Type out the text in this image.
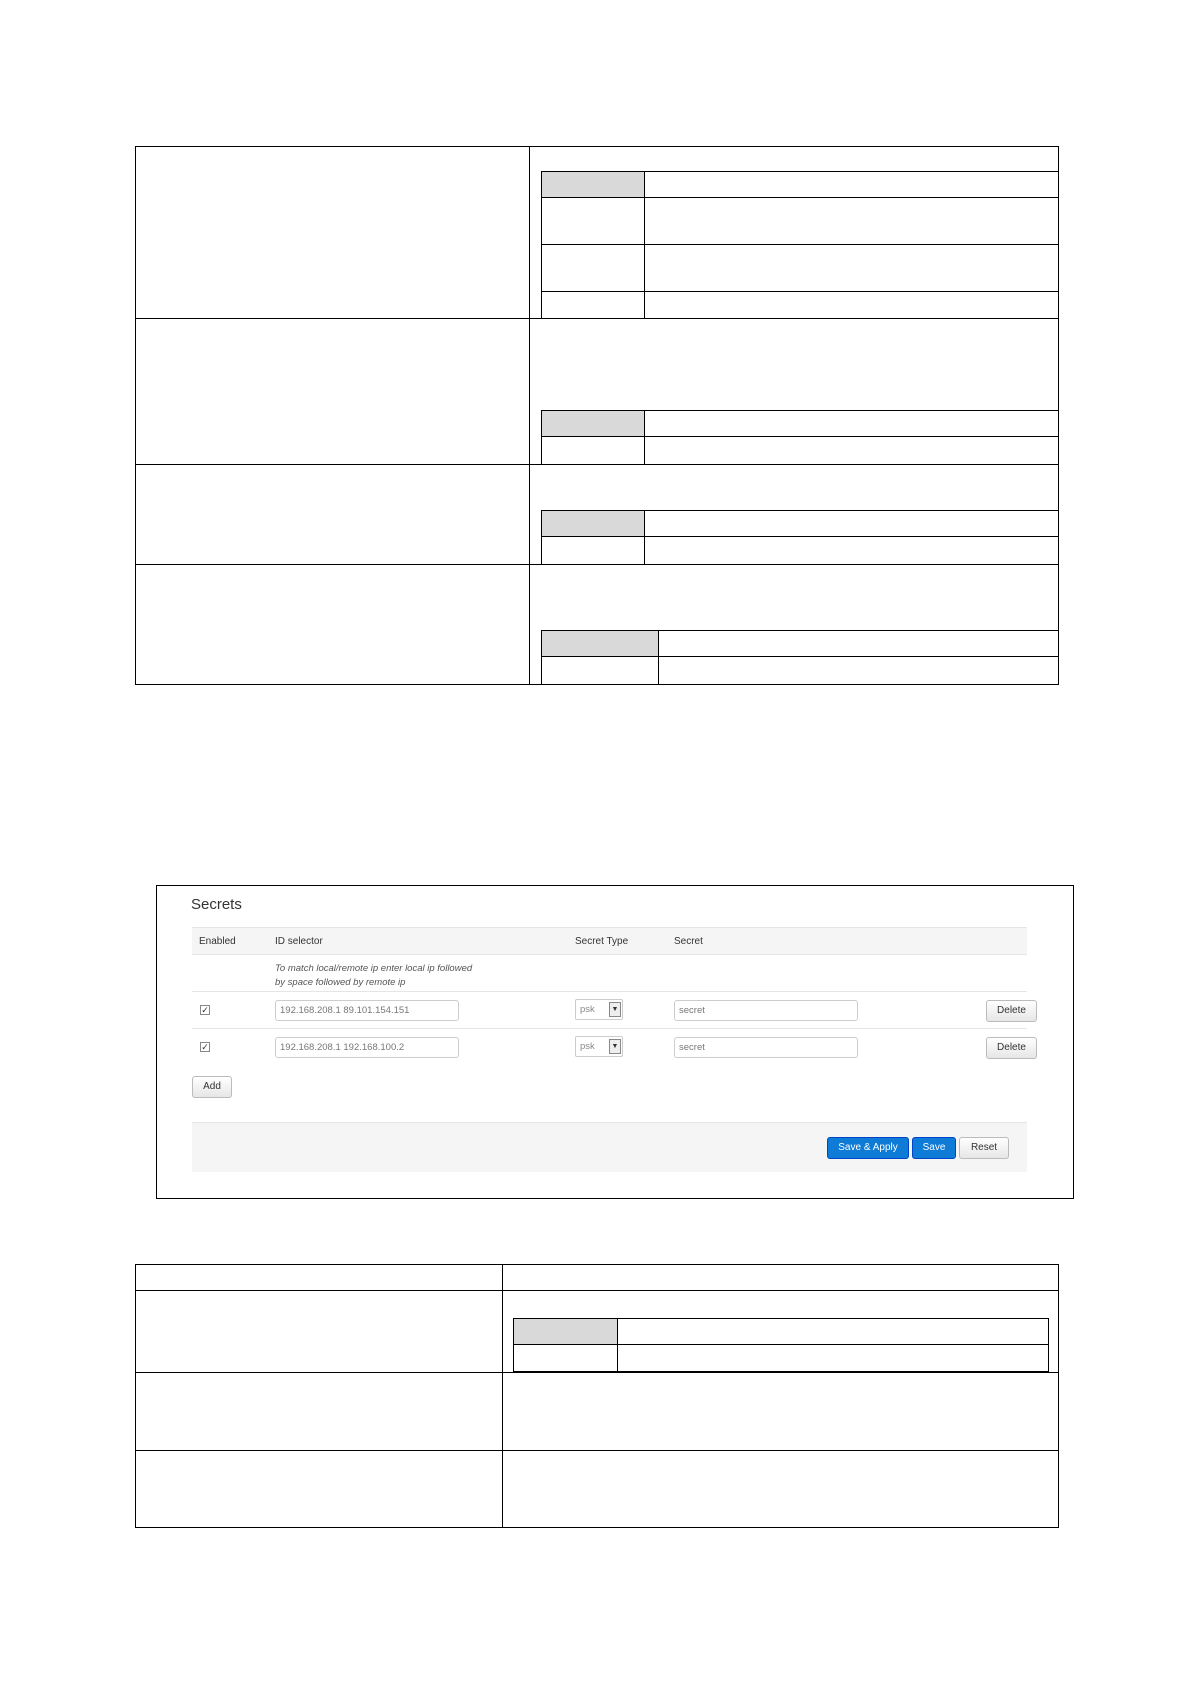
Secrets
Enabled	ID selector	Secret Type	Secret
To match local/remote ip enter local ip followed
by space followed by remote ip
✓	192.168.208.1 89.101.154.151	psk	▼	secret	Delete
✓	192.168.208.1 192.168.100.2	psk	▼	secret	Delete
Add
Save & Apply	Save	Reset
